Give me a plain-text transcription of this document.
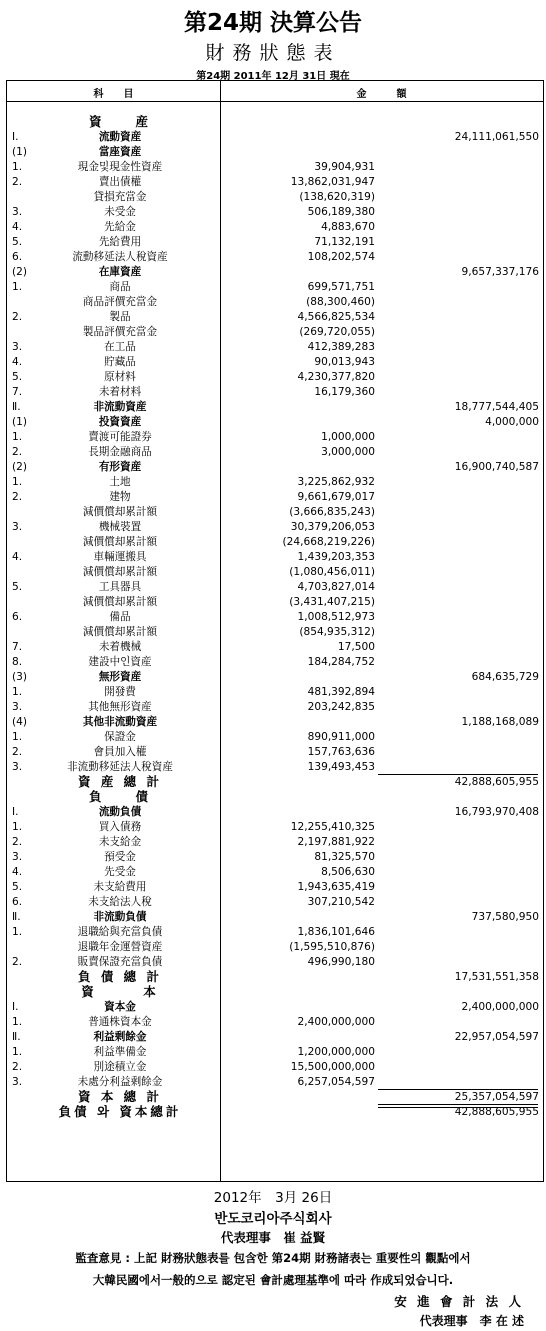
第24期 決算公告
財務狀態表
第24期 2011年 12月 31日 現在
科　　目	金　　　額
資　　産
Ⅰ.	流動資産	24,111,061,550
(1)	當座資産
1.	現金및現金性資産	39,904,931
2.	賣出債權	13,862,031,947
貸損充當金	(138,620,319)
3.	未受金	506,189,380
4.	先給金	4,883,670
5.	先給費用	71,132,191
6.	流動移延法人稅資産	108,202,574
(2)	在庫資産	9,657,337,176
1.	商品	699,571,751
商品評價充當金	(88,300,460)
2.	製品	4,566,825,534
製品評價充當金	(269,720,055)
3.	在工品	412,389,283
4.	貯藏品	90,013,943
5.	原材料	4,230,377,820
7.	未着材料	16,179,360
Ⅱ.	非流動資産	18,777,544,405
(1)	投資資産	4,000,000
1.	賣渡可能證券	1,000,000
2.	長期金融商品	3,000,000
(2)	有形資産	16,900,740,587
1.	土地	3,225,862,932
2.	建物	9,661,679,017
減價償却累計額	(3,666,835,243)
3.	機械裝置	30,379,206,053
減價償却累計額	(24,668,219,226)
4.	車輛運搬具	1,439,203,353
減價償却累計額	(1,080,456,011)
5.	工具器具	4,703,827,014
減價償却累計額	(3,431,407,215)
6.	備品	1,008,512,973
減價償却累計額	(854,935,312)
7.	未着機械	17,500
8.	建設中인資産	184,284,752
(3)	無形資産	684,635,729
1.	開發費	481,392,894
3.	其他無形資産	203,242,835
(4)	其他非流動資産	1,188,168,089
1.	保證金	890,911,000
2.	會員加入權	157,763,636
3.	非流動移延法人稅資産	139,493,453
資 産 總 計	42,888,605,955
負　　債
Ⅰ.	流動負債	16,793,970,408
1.	買入債務	12,255,410,325
2.	未支給金	2,197,881,922
3.	預受金	81,325,570
4.	先受金	8,506,630
5.	未支給費用	1,943,635,419
6.	未支給法人稅	307,210,542
Ⅱ.	非流動負債	737,580,950
1.	退職給與充當負債	1,836,101,646
退職年金運營資産	(1,595,510,876)
2.	販賣保證充當負債	496,990,180
負 債 總 計	17,531,551,358
資　　　本
Ⅰ.	資本金	2,400,000,000
1.	普通株資本金	2,400,000,000
Ⅱ.	利益剩餘金	22,957,054,597
1.	利益準備金	1,200,000,000
2.	別途積立金	15,500,000,000
3.	未處分利益剩餘金	6,257,054,597
資 本 總 計	25,357,054,597
負債 와 資本總計	42,888,605,955
2012年　3月 26日
반도코리아주식회사
代表理事　崔 益賢
監査意見 : 上記 財務狀態表를 包含한 第24期 財務諸表는 重要性의 觀點에서
大韓民國에서一般的으로 認定된 會計處理基準에 따라 作成되었습니다.
安 進 會 計 法 人
代表理事　李 在 述
